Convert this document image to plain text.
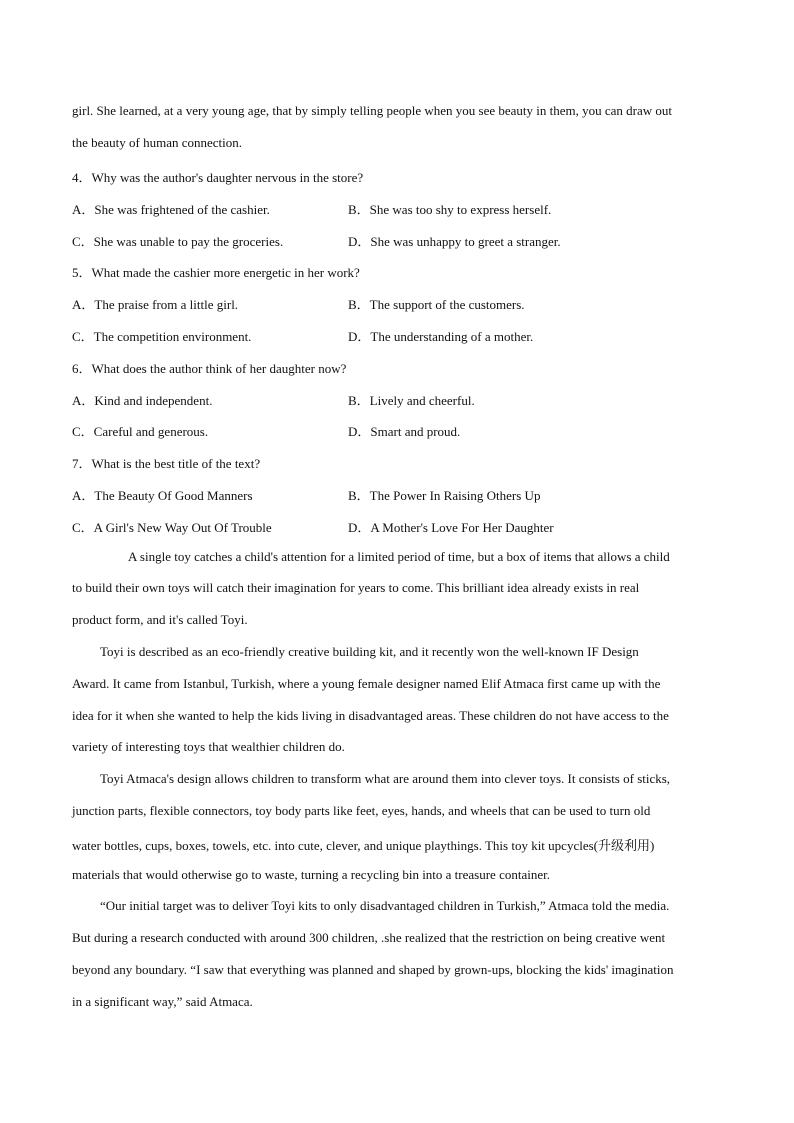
girl. She learned, at a very young age, that by simply telling people when you see beauty in them, you can draw out
the beauty of human connection.
4．Why was the author's daughter nervous in the store?
A．She was frightened of the cashier.	B．She was too shy to express herself.
C．She was unable to pay the groceries.	D．She was unhappy to greet a stranger.
5．What made the cashier more energetic in her work?
A．The praise from a little girl.	B．The support of the customers.
C．The competition environment.	D．The understanding of a mother.
6．What does the author think of her daughter now?
A．Kind and independent.	B．Lively and cheerful.
C．Careful and generous.	D．Smart and proud.
7．What is the best title of the text?
A．The Beauty Of Good Manners	B．The Power In Raising Others Up
C．A Girl's New Way Out Of Trouble	D．A Mother's Love For Her Daughter
A single toy catches a child's attention for a limited period of time, but a box of items that allows a child
to build their own toys will catch their imagination for years to come. This brilliant idea already exists in real
product form, and it's called Toyi.
Toyi is described as an eco-friendly creative building kit, and it recently won the well-known IF Design
Award. It came from Istanbul, Turkish, where a young female designer named Elif Atmaca first came up with the
idea for it when she wanted to help the kids living in disadvantaged areas. These children do not have access to the
variety of interesting toys that wealthier children do.
Toyi Atmaca's design allows children to transform what are around them into clever toys. It consists of sticks,
junction parts, flexible connectors, toy body parts like feet, eyes, hands, and wheels that can be used to turn old
water bottles, cups, boxes, towels, etc. into cute, clever, and unique playthings. This toy kit upcycles(升级利用)
materials that would otherwise go to waste, turning a recycling bin into a treasure container.
“Our initial target was to deliver Toyi kits to only disadvantaged children in Turkish,” Atmaca told the media.
But during a research conducted with around 300 children, .she realized that the restriction on being creative went
beyond any boundary. “I saw that everything was planned and shaped by grown-ups, blocking the kids' imagination
in a significant way,” said Atmaca.
